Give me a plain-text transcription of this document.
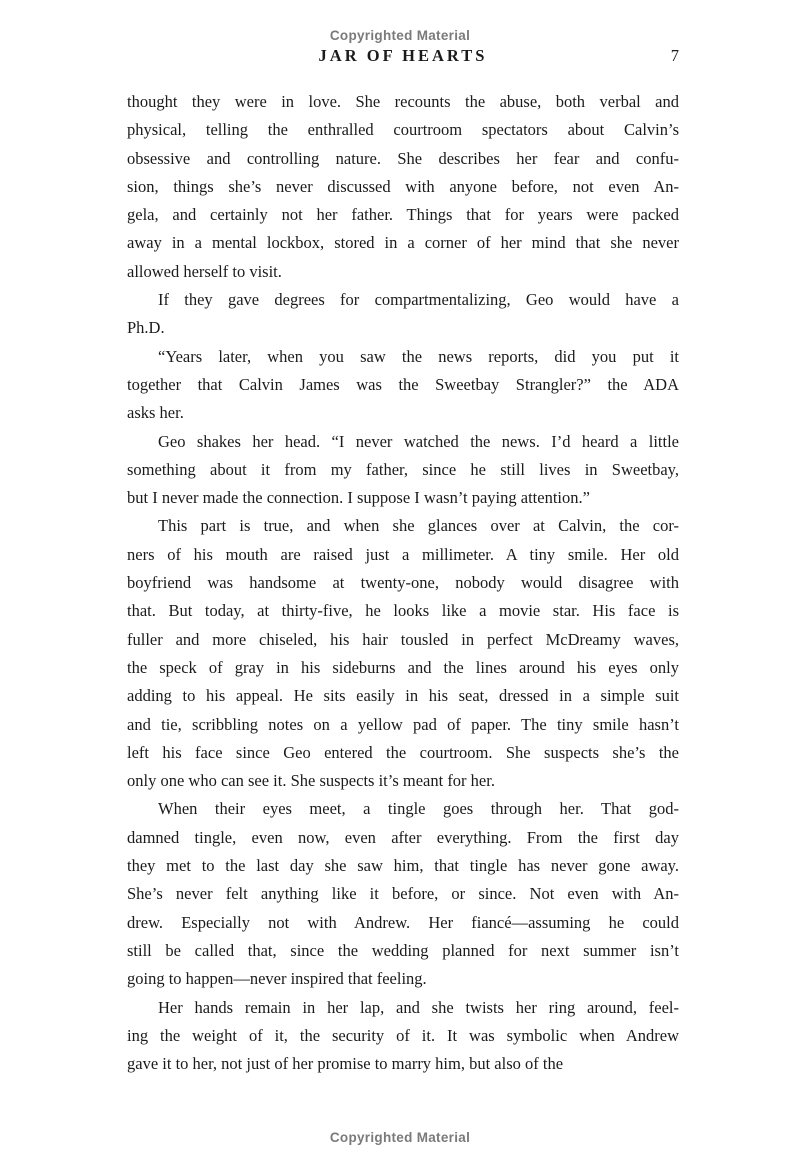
Copyrighted Material
JAR OF HEARTS	7
thought they were in love. She recounts the abuse, both verbal and
physical, telling the enthralled courtroom spectators about Calvin’s
obsessive and controlling nature. She describes her fear and confu-
sion, things she’s never discussed with anyone before, not even An-
gela, and certainly not her father. Things that for years were packed
away in a mental lockbox, stored in a corner of her mind that she never
allowed herself to visit.
If they gave degrees for compartmentalizing, Geo would have a
Ph.D.
“Years later, when you saw the news reports, did you put it
together that Calvin James was the Sweetbay Strangler?” the ADA
asks her.
Geo shakes her head. “I never watched the news. I’d heard a little
something about it from my father, since he still lives in Sweetbay,
but I never made the connection. I suppose I wasn’t paying attention.”
This part is true, and when she glances over at Calvin, the cor-
ners of his mouth are raised just a millimeter. A tiny smile. Her old
boyfriend was handsome at twenty-one, nobody would disagree with
that. But today, at thirty-five, he looks like a movie star. His face is
fuller and more chiseled, his hair tousled in perfect McDreamy waves,
the speck of gray in his sideburns and the lines around his eyes only
adding to his appeal. He sits easily in his seat, dressed in a simple suit
and tie, scribbling notes on a yellow pad of paper. The tiny smile hasn’t
left his face since Geo entered the courtroom. She suspects she’s the
only one who can see it. She suspects it’s meant for her.
When their eyes meet, a tingle goes through her. That god-
damned tingle, even now, even after everything. From the first day
they met to the last day she saw him, that tingle has never gone away.
She’s never felt anything like it before, or since. Not even with An-
drew. Especially not with Andrew. Her fiancé—assuming he could
still be called that, since the wedding planned for next summer isn’t
going to happen—never inspired that feeling.
Her hands remain in her lap, and she twists her ring around, feel-
ing the weight of it, the security of it. It was symbolic when Andrew
gave it to her, not just of her promise to marry him, but also of the
Copyrighted Material
